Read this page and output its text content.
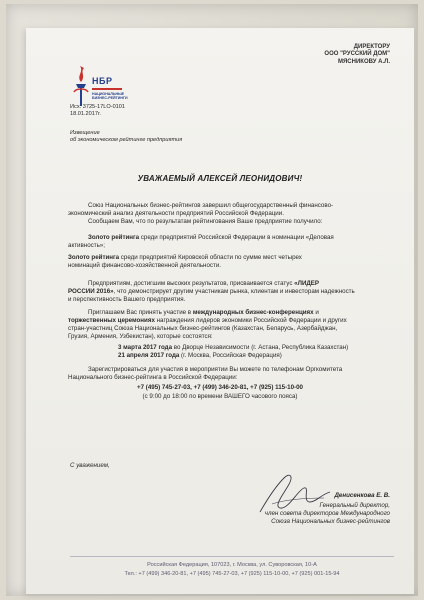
НБР
НАЦИОНАЛЬНЫЕ БИЗНЕС-РЕЙТИНГИ
ДИРЕКТОРУ
ООО "РУССКИЙ ДОМ"
МЯСНИКОВУ А.Л.
Исх. 3725-17LO-0101
18.01.2017г.
Извещение
об экономическом рейтинге предприятия
УВАЖАЕМЫЙ АЛЕКСЕЙ ЛЕОНИДОВИЧ!
Союз Национальных бизнес-рейтингов завершил общегосударственный финансово-
экономический анализ деятельности предприятий Российской Федерации.
Сообщаем Вам, что по результатам рейтингования Ваше предприятие получило:
Золото рейтинга среди предприятий Российской Федерации в номинации «Деловая
активность»;
Золото рейтинга среди предприятий Кировской области по сумме мест четырех
номинаций финансово-хозяйственной деятельности.
Предприятиям, достигшим высоких результатов, присваивается статус «ЛИДЕР
РОССИИ 2016», что демонстрирует другим участникам рынка, клиентам и инвесторам надежность
и перспективность Вашего предприятия.
Приглашаем Вас принять участие в международных бизнес-конференциях и
торжественных церемониях награждения лидеров экономики Российской Федерации и других
стран-участниц Союза Национальных бизнес-рейтингов (Казахстан, Беларусь, Азербайджан,
Грузия, Армения, Узбекистан), которые состоятся:
3 марта 2017 года во Дворце Независимости (г. Астана, Республика Казахстан)
21 апреля 2017 года (г. Москва, Российская Федерация)
Зарегистрироваться для участия в мероприятии Вы можете по телефонам Оргкомитета
Национального бизнес-рейтинга в Российской Федерации:
+7 (495) 745-27-03, +7 (499) 346-20-81, +7 (925) 115-10-00
(с 9:00 до 18:00 по времени ВАШЕГО часового пояса)
С уважением,
Денисенкова Е. В.
Генеральный директор,
член совета директоров Международного
Союза Национальных бизнес-рейтингов
Российская Федерация, 107023, г. Москва, ул. Суворовская, 10-А
Тел.: +7 (499) 346-20-81, +7 (495) 745-27-03, +7 (925) 115-10-00, +7 (925) 001-15-94
